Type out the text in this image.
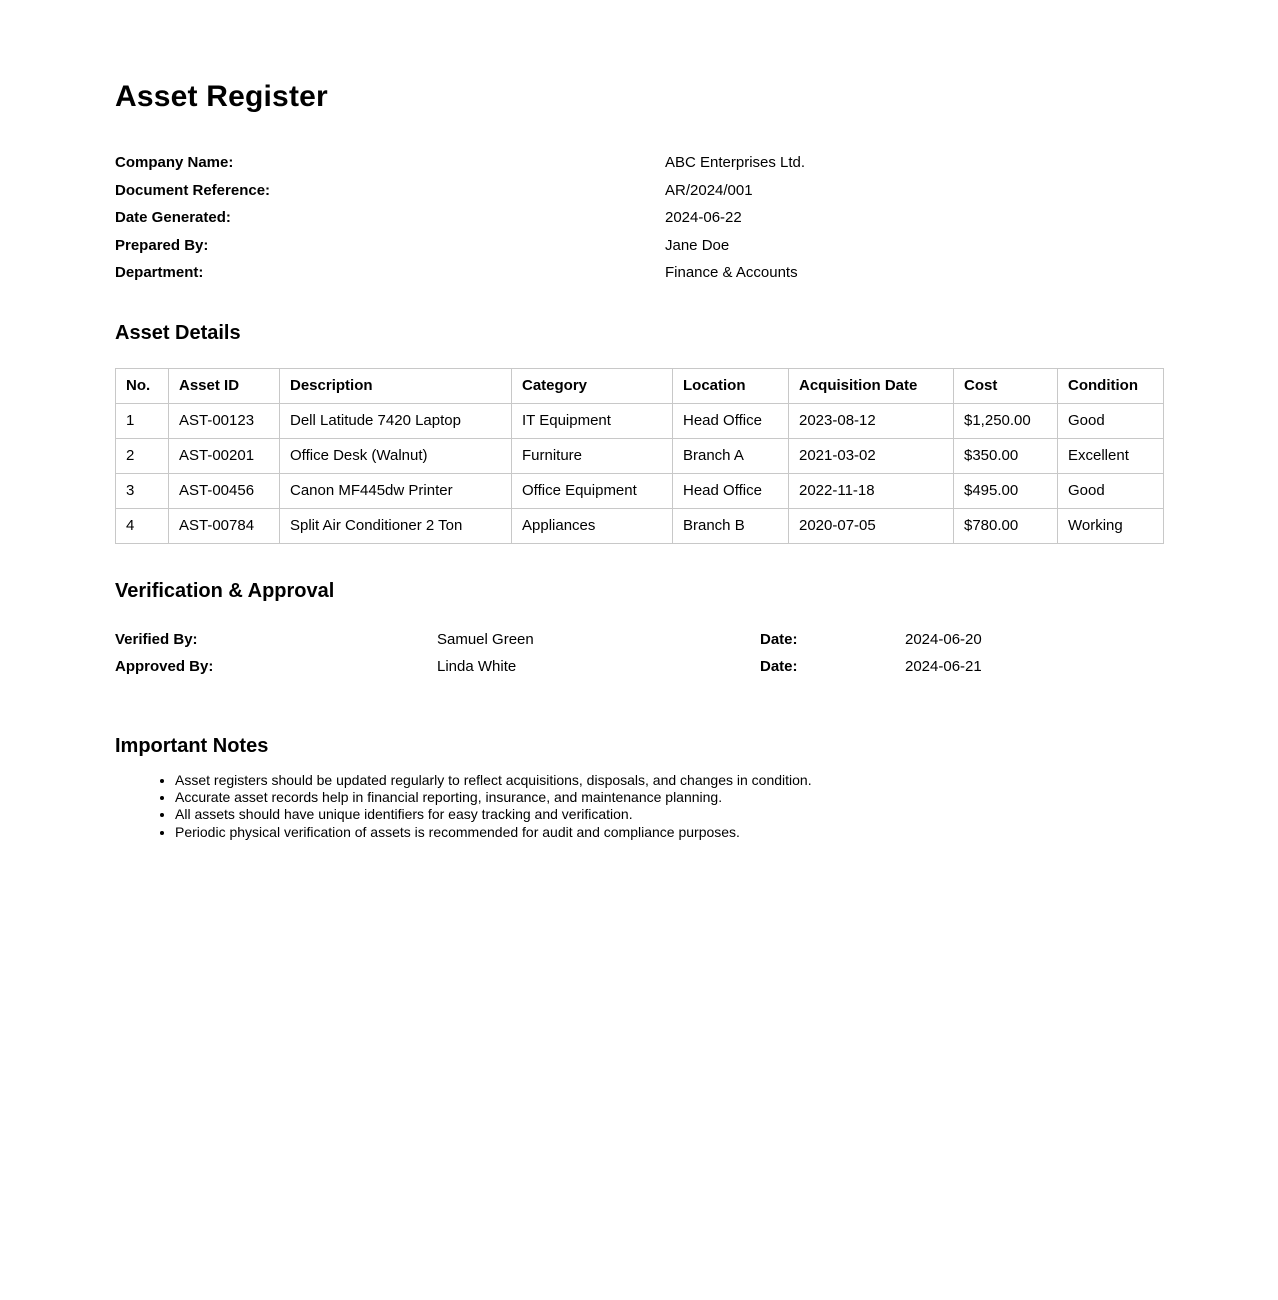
Asset Register
Company Name:	ABC Enterprises Ltd.
Document Reference:	AR/2024/001
Date Generated:	2024-06-22
Prepared By:	Jane Doe
Department:	Finance & Accounts
Asset Details
No.	Asset ID	Description	Category	Location	Acquisition Date	Cost	Condition
1	AST-00123	Dell Latitude 7420 Laptop	IT Equipment	Head Office	2023-08-12	$1,250.00	Good
2	AST-00201	Office Desk (Walnut)	Furniture	Branch A	2021-03-02	$350.00	Excellent
3	AST-00456	Canon MF445dw Printer	Office Equipment	Head Office	2022-11-18	$495.00	Good
4	AST-00784	Split Air Conditioner 2 Ton	Appliances	Branch B	2020-07-05	$780.00	Working
Verification & Approval
Verified By:	Samuel Green	Date:	2024-06-20
Approved By:	Linda White	Date:	2024-06-21
Important Notes
• Asset registers should be updated regularly to reflect acquisitions, disposals, and changes in condition.
• Accurate asset records help in financial reporting, insurance, and maintenance planning.
• All assets should have unique identifiers for easy tracking and verification.
• Periodic physical verification of assets is recommended for audit and compliance purposes.
